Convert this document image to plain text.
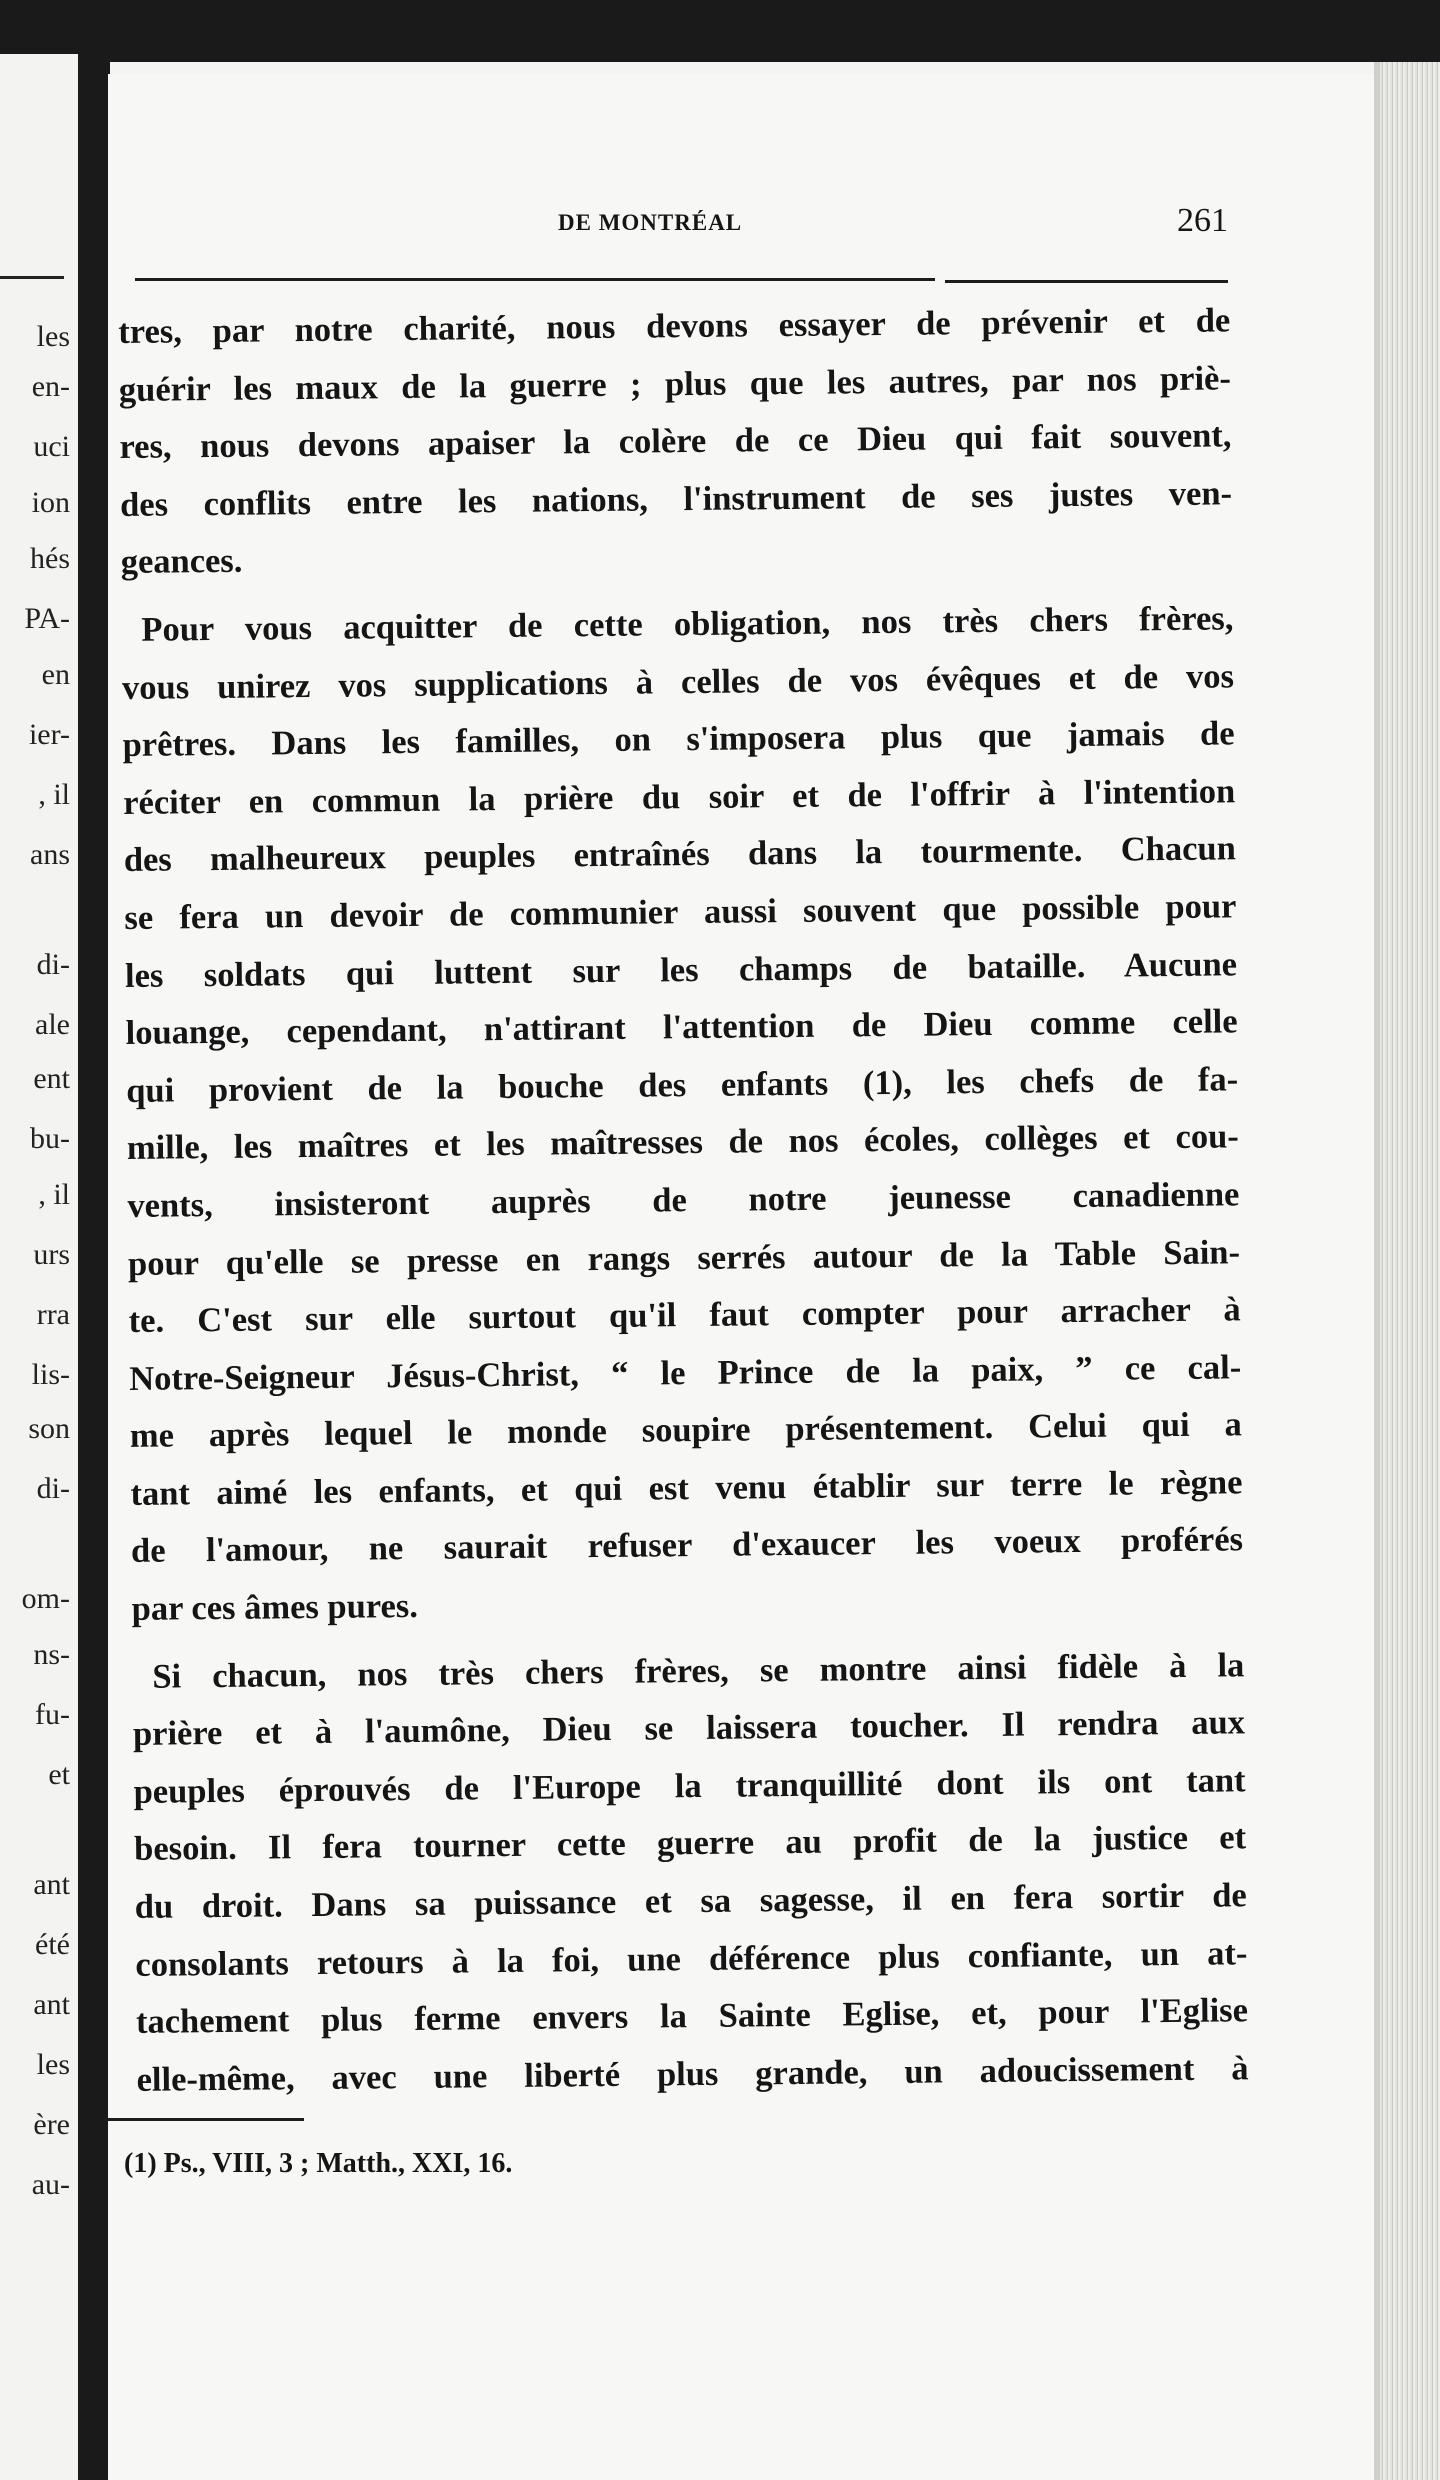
les
en-
uci
ion
hés
PA-
en
ier-
, il
ans
di-
ale
ent
bu-
, il
urs
rra
lis-
son
di-
om-
ns-
fu-
et
ant
été
ant
les
ère
au-
DE MONTRÉAL	261
tres, par notre charité, nous devons essayer de prévenir et de
guérir les maux de la guerre ; plus que les autres, par nos priè-
res, nous devons apaiser la colère de ce Dieu qui fait souvent,
des conflits entre les nations, l'instrument de ses justes ven-
geances.
Pour vous acquitter de cette obligation, nos très chers frères,
vous unirez vos supplications à celles de vos évêques et de vos
prêtres. Dans les familles, on s'imposera plus que jamais de
réciter en commun la prière du soir et de l'offrir à l'intention
des malheureux peuples entraînés dans la tourmente. Chacun
se fera un devoir de communier aussi souvent que possible pour
les soldats qui luttent sur les champs de bataille. Aucune
louange, cependant, n'attirant l'attention de Dieu comme celle
qui provient de la bouche des enfants (1), les chefs de fa-
mille, les maîtres et les maîtresses de nos écoles, collèges et cou-
vents, insisteront auprès de notre jeunesse canadienne
pour qu'elle se presse en rangs serrés autour de la Table Sain-
te. C'est sur elle surtout qu'il faut compter pour arracher à
Notre-Seigneur Jésus-Christ, “ le Prince de la paix, ” ce cal-
me après lequel le monde soupire présentement. Celui qui a
tant aimé les enfants, et qui est venu établir sur terre le règne
de l'amour, ne saurait refuser d'exaucer les voeux proférés
par ces âmes pures.
Si chacun, nos très chers frères, se montre ainsi fidèle à la
prière et à l'aumône, Dieu se laissera toucher. Il rendra aux
peuples éprouvés de l'Europe la tranquillité dont ils ont tant
besoin. Il fera tourner cette guerre au profit de la justice et
du droit. Dans sa puissance et sa sagesse, il en fera sortir de
consolants retours à la foi, une déférence plus confiante, un at-
tachement plus ferme envers la Sainte Eglise, et, pour l'Eglise
elle-même, avec une liberté plus grande, un adoucissement à
(1) Ps., VIII, 3 ; Matth., XXI, 16.
